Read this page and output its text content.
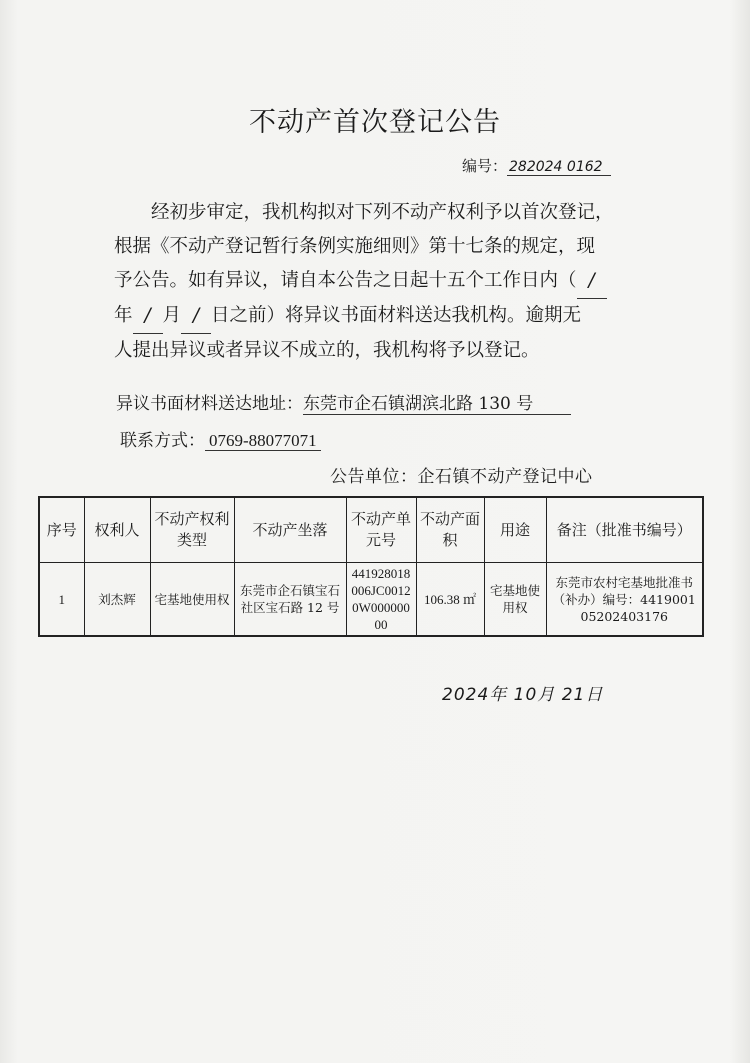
不动产首次登记公告
编号： 282024 0162
经初步审定，我机构拟对下列不动产权利予以首次登记，
根据《不动产登记暂行条例实施细则》第十七条的规定，现
予公告。如有异议，请自本公告之日起十五个工作日内（ /
年 / 月 / 日之前）将异议书面材料送达我机构。逾期无
人提出异议或者异议不成立的，我机构将予以登记。
异议书面材料送达地址：东莞市企石镇湖滨北路 130 号
联系方式： 0769-88077071
公告单位：企石镇不动产登记中心
序号	权利人	不动产权利类型	不动产坐落	不动产单元号	不动产面积	用途	备注（批准书编号）
1	刘杰辉	宅基地使用权	东莞市企石镇宝石社区宝石路 12 号	441928018006JC00120W00000000	106.38 ㎡	宅基地使用权	东莞市农村宅基地批准书（补办）编号：441900105202403176
2024年 10月 21日
